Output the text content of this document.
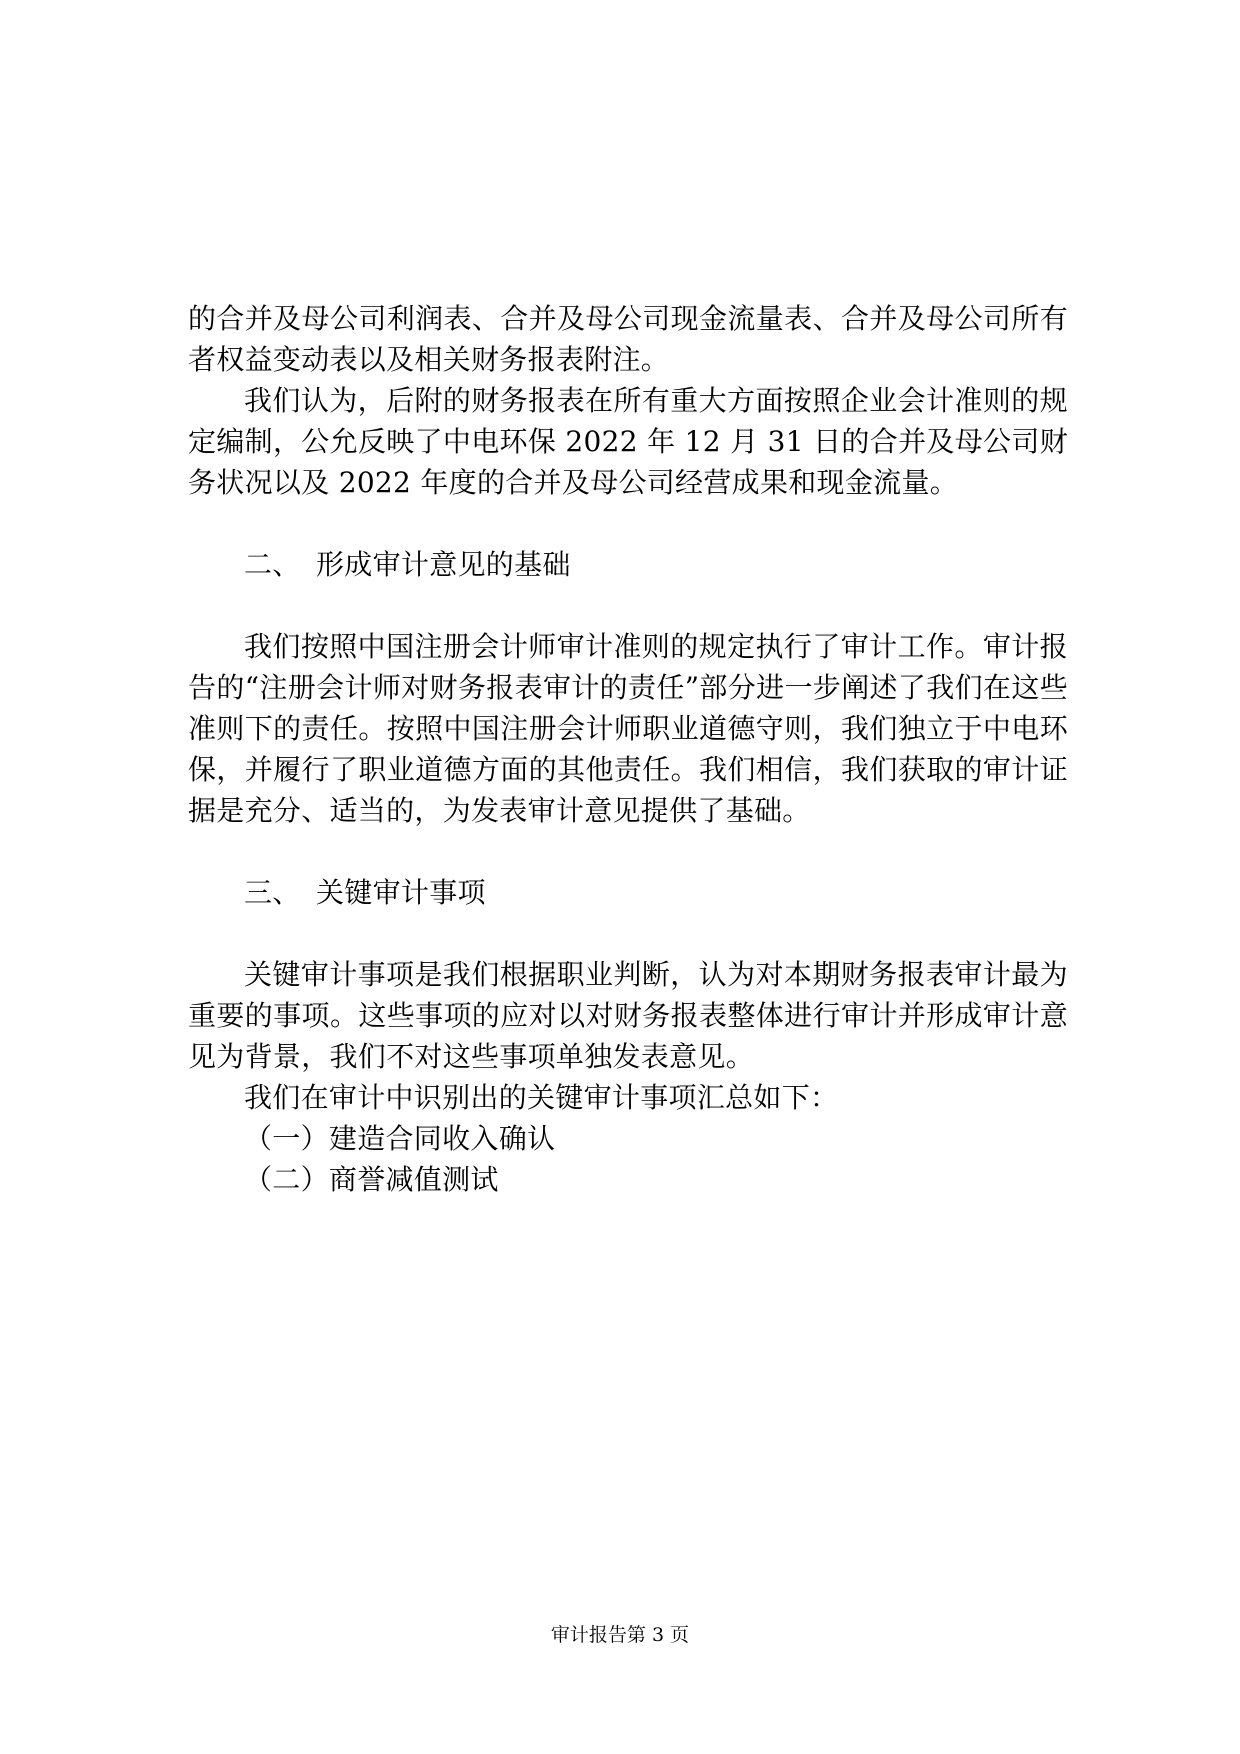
的合并及母公司利润表、合并及母公司现金流量表、合并及母公司所有者权益变动表以及相关财务报表附注。

我们认为，后附的财务报表在所有重大方面按照企业会计准则的规定编制，公允反映了中电环保 2022 年 12 月 31 日的合并及母公司财务状况以及 2022 年度的合并及母公司经营成果和现金流量。

二、 形成审计意见的基础

我们按照中国注册会计师审计准则的规定执行了审计工作。审计报告的“注册会计师对财务报表审计的责任”部分进一步阐述了我们在这些准则下的责任。按照中国注册会计师职业道德守则，我们独立于中电环保，并履行了职业道德方面的其他责任。我们相信，我们获取的审计证据是充分、适当的，为发表审计意见提供了基础。

三、 关键审计事项

关键审计事项是我们根据职业判断，认为对本期财务报表审计最为重要的事项。这些事项的应对以对财务报表整体进行审计并形成审计意见为背景，我们不对这些事项单独发表意见。

我们在审计中识别出的关键审计事项汇总如下：

（一）建造合同收入确认

（二）商誉减值测试

审计报告第 3 页
